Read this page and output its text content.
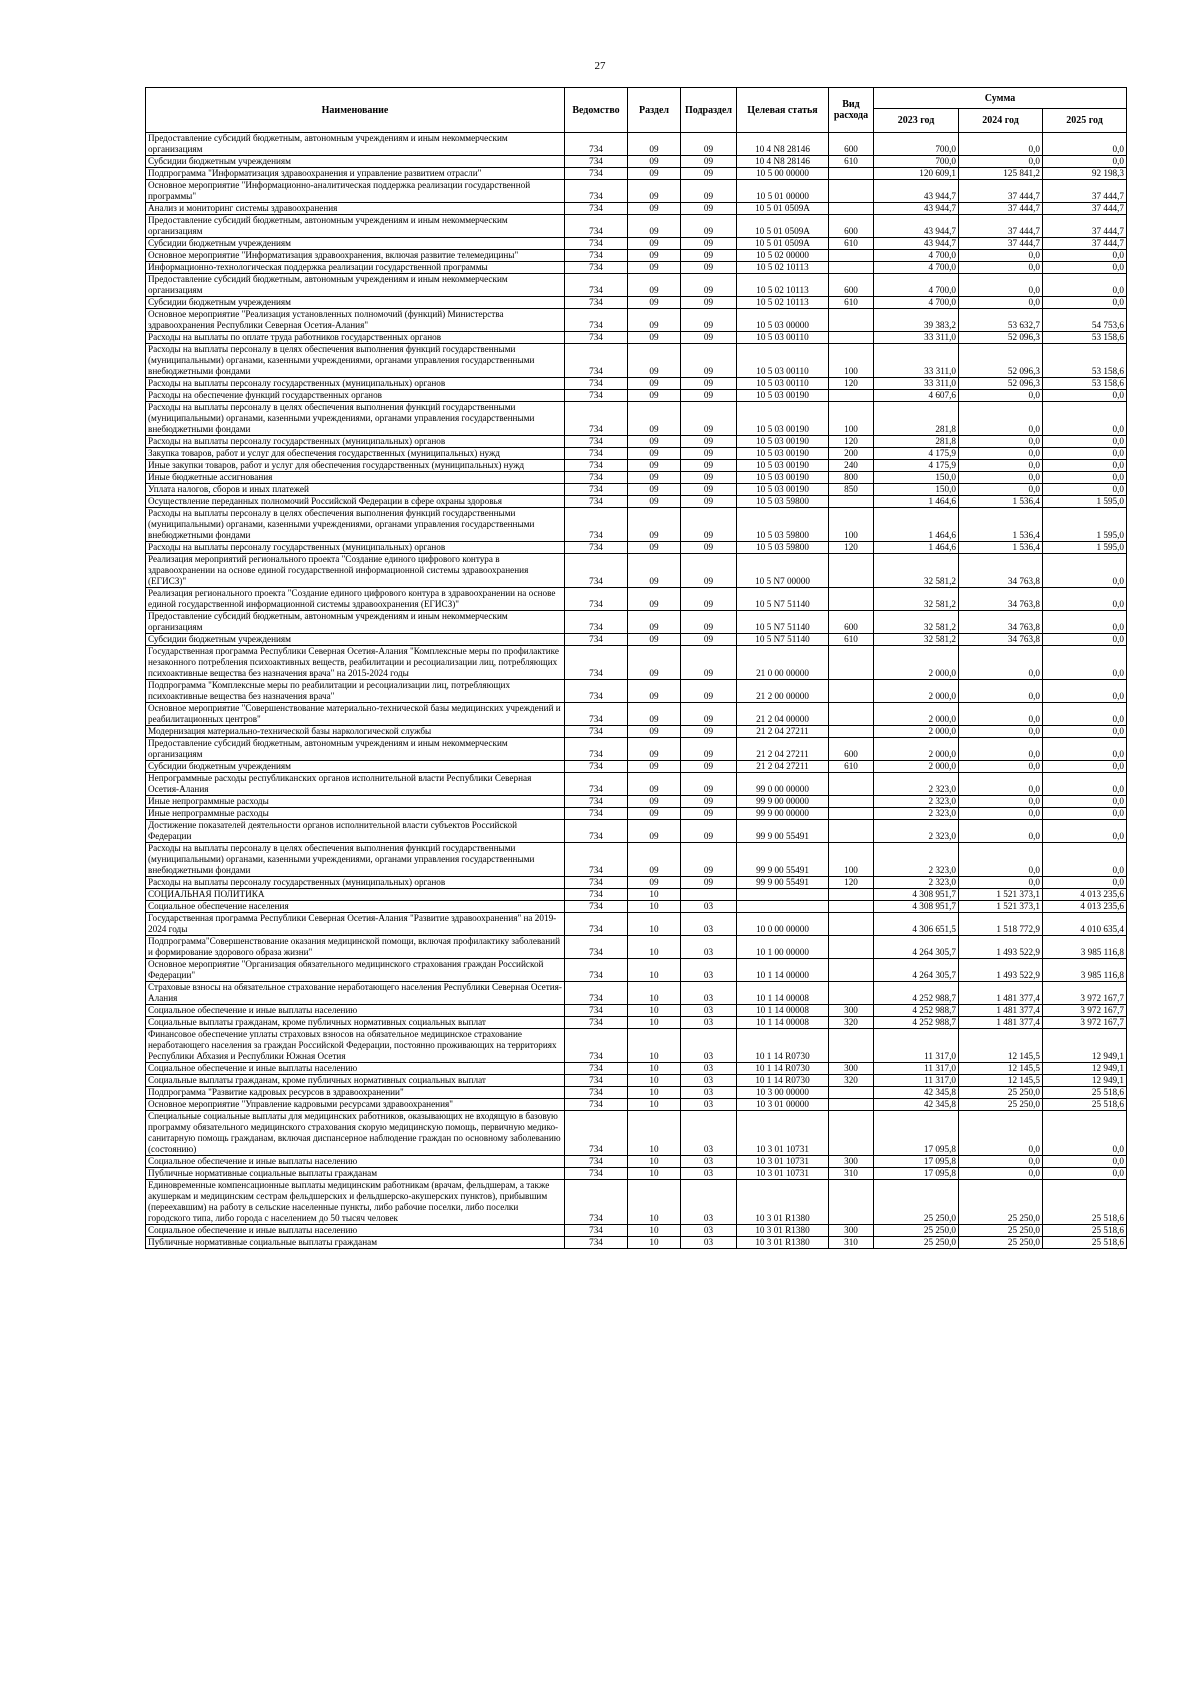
27
Наименование	Ведомство	Раздел	Подраздел	Целевая статья	Вид расхода	Сумма		
						2023 год	2024 год	2025 год
Предоставление субсидий бюджетным, автономным учреждениям и иным некоммерческим организациям	734	09	09	10 4 N8 28146	600	700,0	0,0	0,0
Субсидии бюджетным учреждениям	734	09	09	10 4 N8 28146	610	700,0	0,0	0,0
Подпрограмма "Информатизация здравоохранения и управление развитием отрасли"	734	09	09	10 5 00 00000		120 609,1	125 841,2	92 198,3
Основное мероприятие "Информационно-аналитическая поддержка реализации государственной программы"	734	09	09	10 5 01 00000		43 944,7	37 444,7	37 444,7
Анализ и мониторинг системы здравоохранения	734	09	09	10 5 01 0509А		43 944,7	37 444,7	37 444,7
Предоставление субсидий бюджетным, автономным учреждениям и иным некоммерческим организациям	734	09	09	10 5 01 0509А	600	43 944,7	37 444,7	37 444,7
Субсидии бюджетным учреждениям	734	09	09	10 5 01 0509А	610	43 944,7	37 444,7	37 444,7
Основное мероприятие "Информатизация здравоохранения, включая развитие телемедицины"	734	09	09	10 5 02 00000		4 700,0	0,0	0,0
Информационно-технологическая поддержка реализации государственной программы	734	09	09	10 5 02 10113		4 700,0	0,0	0,0
Предоставление субсидий бюджетным, автономным учреждениям и иным некоммерческим организациям	734	09	09	10 5 02 10113	600	4 700,0	0,0	0,0
Субсидии бюджетным учреждениям	734	09	09	10 5 02 10113	610	4 700,0	0,0	0,0
Основное мероприятие "Реализация установленных полномочий (функций) Министерства здравоохранения Республики Северная Осетия-Алания"	734	09	09	10 5 03 00000		39 383,2	53 632,7	54 753,6
Расходы на выплаты по оплате труда работников государственных органов	734	09	09	10 5 03 00110		33 311,0	52 096,3	53 158,6
Расходы на выплаты персоналу в целях обеспечения выполнения функций государственными (муниципальными) органами, казенными учреждениями, органами управления государственными внебюджетными фондами	734	09	09	10 5 03 00110	100	33 311,0	52 096,3	53 158,6
Расходы на выплаты персоналу государственных (муниципальных) органов	734	09	09	10 5 03 00110	120	33 311,0	52 096,3	53 158,6
Расходы на обеспечение функций государственных органов	734	09	09	10 5 03 00190		4 607,6	0,0	0,0
Расходы на выплаты персоналу в целях обеспечения выполнения функций государственными (муниципальными) органами, казенными учреждениями, органами управления государственными внебюджетными фондами	734	09	09	10 5 03 00190	100	281,8	0,0	0,0
Расходы на выплаты персоналу государственных (муниципальных) органов	734	09	09	10 5 03 00190	120	281,8	0,0	0,0
Закупка товаров, работ и услуг для обеспечения государственных (муниципальных) нужд	734	09	09	10 5 03 00190	200	4 175,9	0,0	0,0
Иные закупки товаров, работ и услуг для обеспечения государственных (муниципальных) нужд	734	09	09	10 5 03 00190	240	4 175,9	0,0	0,0
Иные бюджетные ассигнования	734	09	09	10 5 03 00190	800	150,0	0,0	0,0
Уплата налогов, сборов и иных платежей	734	09	09	10 5 03 00190	850	150,0	0,0	0,0
Осуществление переданных полномочий Российской Федерации в сфере охраны здоровья	734	09	09	10 5 03 59800		1 464,6	1 536,4	1 595,0
Расходы на выплаты персоналу в целях обеспечения выполнения функций государственными (муниципальными) органами, казенными учреждениями, органами управления государственными внебюджетными фондами	734	09	09	10 5 03 59800	100	1 464,6	1 536,4	1 595,0
Расходы на выплаты персоналу государственных (муниципальных) органов	734	09	09	10 5 03 59800	120	1 464,6	1 536,4	1 595,0
Реализация мероприятий регионального проекта "Создание единого цифрового контура в здравоохранении на основе единой государственной информационной системы здравоохранения (ЕГИСЗ)"	734	09	09	10 5 N7 00000		32 581,2	34 763,8	0,0
Реализация регионального проекта "Создание единого цифрового контура в здравоохранении на основе единой государственной информационной системы здравоохранения (ЕГИСЗ)"	734	09	09	10 5 N7 51140		32 581,2	34 763,8	0,0
Предоставление субсидий бюджетным, автономным учреждениям и иным некоммерческим организациям	734	09	09	10 5 N7 51140	600	32 581,2	34 763,8	0,0
Субсидии бюджетным учреждениям	734	09	09	10 5 N7 51140	610	32 581,2	34 763,8	0,0
Государственная программа Республики Северная Осетия-Алания "Комплексные меры по профилактике незаконного потребления психоактивных веществ, реабилитации и ресоциализации лиц, потребляющих психоактивные вещества без назначения врача" на 2015-2024 годы	734	09	09	21 0 00 00000		2 000,0	0,0	0,0
Подпрограмма "Комплексные меры по реабилитации и ресоциализации лиц, потребляющих психоактивные вещества без назначения врача"	734	09	09	21 2 00 00000		2 000,0	0,0	0,0
Основное мероприятие "Совершенствование материально-технической базы медицинских учреждений и реабилитационных центров"	734	09	09	21 2 04 00000		2 000,0	0,0	0,0
Модернизация материально-технической базы наркологической службы	734	09	09	21 2 04 27211		2 000,0	0,0	0,0
Предоставление субсидий бюджетным, автономным учреждениям и иным некоммерческим организациям	734	09	09	21 2 04 27211	600	2 000,0	0,0	0,0
Субсидии бюджетным учреждениям	734	09	09	21 2 04 27211	610	2 000,0	0,0	0,0
Непрограммные расходы республиканских органов исполнительной власти Республики Северная Осетия-Алания	734	09	09	99 0 00 00000		2 323,0	0,0	0,0
Иные непрограммные расходы	734	09	09	99 9 00 00000		2 323,0	0,0	0,0
Иные непрограммные расходы	734	09	09	99 9 00 00000		2 323,0	0,0	0,0
Достижение показателей деятельности органов исполнительной власти субъектов Российской Федерации	734	09	09	99 9 00 55491		2 323,0	0,0	0,0
Расходы на выплаты персоналу в целях обеспечения выполнения функций государственными (муниципальными) органами, казенными учреждениями, органами управления государственными внебюджетными фондами	734	09	09	99 9 00 55491	100	2 323,0	0,0	0,0
Расходы на выплаты персоналу государственных (муниципальных) органов	734	09	09	99 9 00 55491	120	2 323,0	0,0	0,0
СОЦИАЛЬНАЯ ПОЛИТИКА	734	10				4 308 951,7	1 521 373,1	4 013 235,6
Социальное обеспечение населения	734	10	03			4 308 951,7	1 521 373,1	4 013 235,6
Государственная программа Республики Северная Осетия-Алания "Развитие здравоохранения" на 2019-2024 годы	734	10	03	10 0 00 00000		4 306 651,5	1 518 772,9	4 010 635,4
Подпрограмма"Совершенствование оказания медицинской помощи, включая профилактику заболеваний и формирование здорового образа жизни"	734	10	03	10 1 00 00000		4 264 305,7	1 493 522,9	3 985 116,8
Основное мероприятие "Организация обязательного медицинского страхования граждан Российской Федерации"	734	10	03	10 1 14 00000		4 264 305,7	1 493 522,9	3 985 116,8
Страховые взносы на обязательное страхование неработающего населения Республики Северная Осетия-Алания	734	10	03	10 1 14 00008		4 252 988,7	1 481 377,4	3 972 167,7
Социальное обеспечение и иные выплаты населению	734	10	03	10 1 14 00008	300	4 252 988,7	1 481 377,4	3 972 167,7
Социальные выплаты гражданам, кроме публичных нормативных социальных выплат	734	10	03	10 1 14 00008	320	4 252 988,7	1 481 377,4	3 972 167,7
Финансовое обеспечение уплаты страховых взносов на обязательное медицинское страхование неработающего населения за граждан Российской Федерации, постоянно проживающих на территориях Республики Абхазия и Республики Южная Осетия	734	10	03	10 1 14 R0730		11 317,0	12 145,5	12 949,1
Социальное обеспечение и иные выплаты населению	734	10	03	10 1 14 R0730	300	11 317,0	12 145,5	12 949,1
Социальные выплаты гражданам, кроме публичных нормативных социальных выплат	734	10	03	10 1 14 R0730	320	11 317,0	12 145,5	12 949,1
Подпрограмма "Развитие кадровых ресурсов в здравоохранении"	734	10	03	10 3 00 00000		42 345,8	25 250,0	25 518,6
Основное мероприятие "Управление кадровыми ресурсами здравоохранения"	734	10	03	10 3 01 00000		42 345,8	25 250,0	25 518,6
Специальные социальные выплаты для медицинских работников, оказывающих не входящую в базовую программу обязательного медицинского страхования скорую медицинскую помощь, первичную медико-санитарную помощь гражданам, включая диспансерное наблюдение граждан по основному заболеванию (состоянию)	734	10	03	10 3 01 10731		17 095,8	0,0	0,0
Социальное обеспечение и иные выплаты населению	734	10	03	10 3 01 10731	300	17 095,8	0,0	0,0
Публичные нормативные социальные выплаты гражданам	734	10	03	10 3 01 10731	310	17 095,8	0,0	0,0
Единовременные компенсационные выплаты медицинским работникам (врачам, фельдшерам, а также акушеркам и медицинским сестрам фельдшерских и фельдшерско-акушерских пунктов), прибывшим (переехавшим) на работу в сельские населенные пункты, либо рабочие поселки, либо поселки городского типа, либо города с населением до 50 тысяч человек	734	10	03	10 3 01 R1380		25 250,0	25 250,0	25 518,6
Социальное обеспечение и иные выплаты населению	734	10	03	10 3 01 R1380	300	25 250,0	25 250,0	25 518,6
Публичные нормативные социальные выплаты гражданам	734	10	03	10 3 01 R1380	310	25 250,0	25 250,0	25 518,6
